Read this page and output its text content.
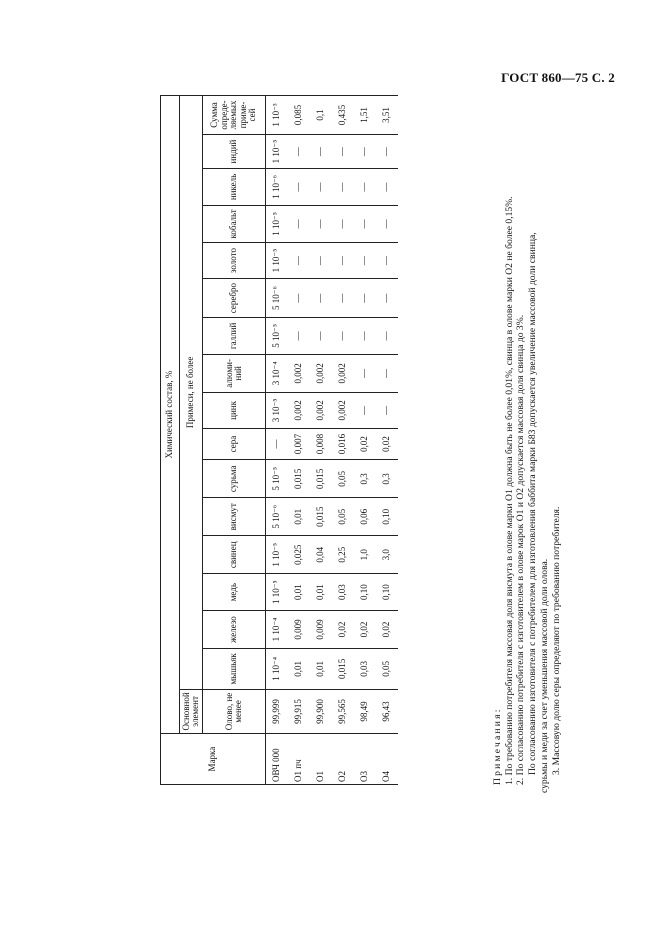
ГОСТ 860—75 С. 2
Марка	Химический состав, %																
	Основной элемент	Примеси, не более															
	Олово, не менее	мышьяк	железо	медь	свинец	висмут	сурьма	сера	цинк	алюми-ний	галлий	серебро	золото	кобальт	никель	индий	Сумма опреде-ляемых приме-сей
ОВЧ 000	99,999	1 10⁻⁴	1 10⁻⁴	1 10⁻⁵	1 10⁻⁵	5 10⁻⁶	5 10⁻⁵	—	3 10⁻⁵	3 10⁻⁴	5 10⁻⁵	5 10⁻⁶	1 10⁻⁵	1 10⁻⁵	1 10⁻⁶	1 10⁻⁵	1 10⁻³
О1 пч	99,915	0,01	0,009	0,01	0,025	0,01	0,015	0,007	0,002	0,002	—	—	—	—	—	—	0,085
О1	99,900	0,01	0,009	0,01	0,04	0,015	0,015	0,008	0,002	0,002	—	—	—	—	—	—	0,1
О2	99,565	0,015	0,02	0,03	0,25	0,05	0,05	0,016	0,002	0,002	—	—	—	—	—	—	0,435
О3	98,49	0,03	0,02	0,10	1,0	0,06	0,3	0,02	—	—	—	—	—	—	—	—	1,51
О4	96,43	0,05	0,02	0,10	3,0	0,10	0,3	0,02	—	—	—	—	—	—	—	—	3,51
Примечания: 1. По требованию потребителя массовая доля висмута в олове марки О1 должна быть не более 0,01%, свинца в олове марки О2 не более 0,15%. 2. По согласованию потребителя с изготовителем в олове марок О1 и О2 допускается массовая доля свинца до 3%. По согласованию изготовителя с потребителем для изготовления баббита марки Б83 допускается увеличение массовой доли свинца, сурьмы и меди за счет уменьшения массовой доли олова. 3. Массовую долю серы определяют по требованию потребителя.
